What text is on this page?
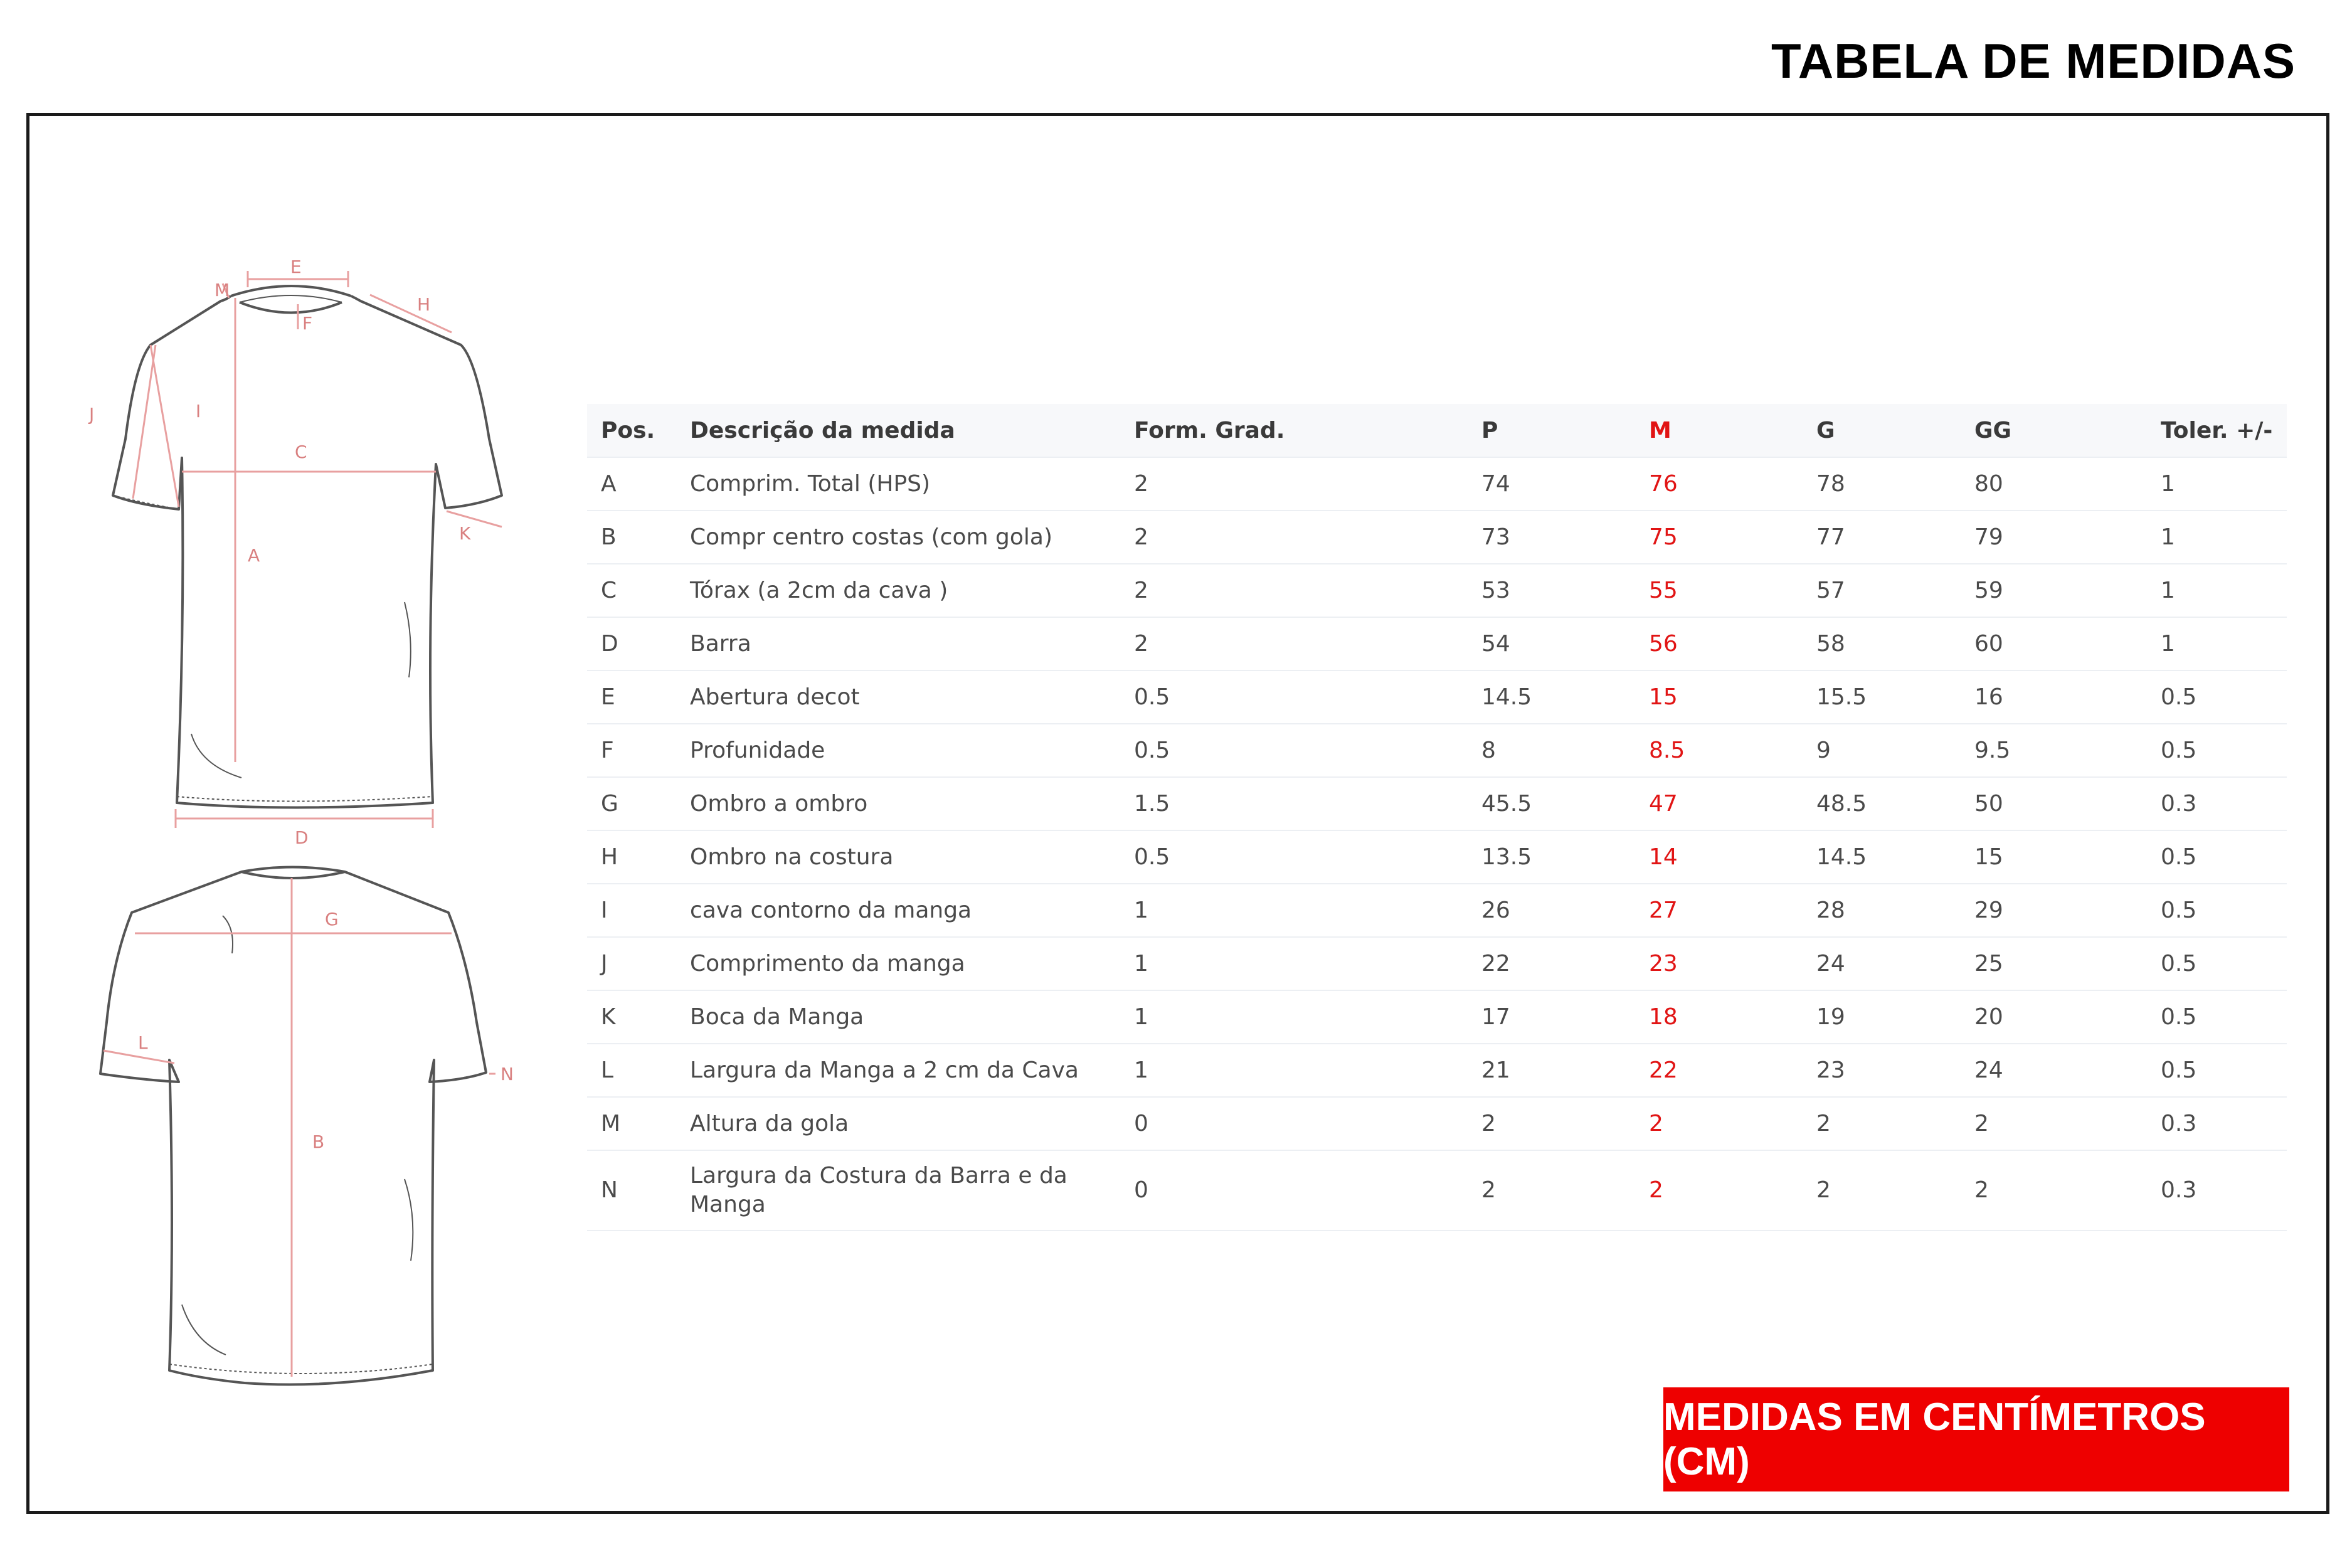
TABELA DE MEDIDAS
E
M
F
H
J	I
C
K
A
D
G
L
N
B
Pos.	Descrição da medida	Form. Grad.	P	M	G	GG	Toler. +/-
A	Comprim. Total (HPS)	2	74	76	78	80	1
B	Compr centro costas (com gola)	2	73	75	77	79	1
C	Tórax (a 2cm da cava )	2	53	55	57	59	1
D	Barra	2	54	56	58	60	1
E	Abertura decot	0.5	14.5	15	15.5	16	0.5
F	Profunidade	0.5	8	8.5	9	9.5	0.5
G	Ombro a ombro	1.5	45.5	47	48.5	50	0.3
H	Ombro na costura	0.5	13.5	14	14.5	15	0.5
I	cava contorno da manga	1	26	27	28	29	0.5
J	Comprimento da manga	1	22	23	24	25	0.5
K	Boca da Manga	1	17	18	19	20	0.5
L	Largura da Manga a 2 cm da Cava	1	21	22	23	24	0.5
M	Altura da gola	0	2	2	2	2	0.3
N	Largura da Costura da Barra e da Manga	0	2	2	2	2	0.3
MEDIDAS EM CENTÍMETROS (CM)
